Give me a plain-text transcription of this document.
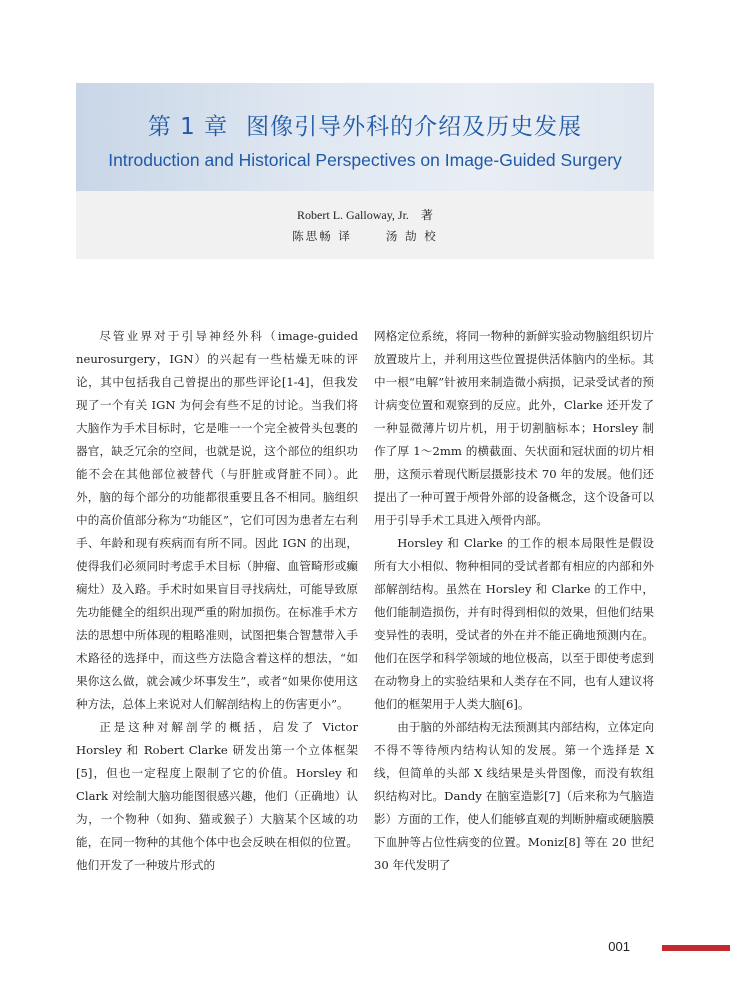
第 1 章 图像引导外科的介绍及历史发展
Introduction and Historical Perspectives on Image-Guided Surgery
Robert L. Galloway, Jr. 著
陈思畅 译	汤 劼 校

尽管业界对于引导神经外科（image-guided neurosurgery，IGN）的兴起有一些枯燥无味的评论，其中包括我自己曾提出的那些评论[1-4]，但我发现了一个有关 IGN 为何会有些不足的讨论。当我们将大脑作为手术目标时，它是唯一一个完全被骨头包裹的器官，缺乏冗余的空间，也就是说，这个部位的组织功能不会在其他部位被替代（与肝脏或肾脏不同）。此外，脑的每个部分的功能都很重要且各不相同。脑组织中的高价值部分称为“功能区”，它们可因为患者左右利手、年龄和现有疾病而有所不同。因此 IGN 的出现，使得我们必须同时考虑手术目标（肿瘤、血管畸形或癫痫灶）及入路。手术时如果盲目寻找病灶，可能导致原先功能健全的组织出现严重的附加损伤。在标准手术方法的思想中所体现的粗略准则，试图把集合智慧带入手术路径的选择中，而这些方法隐含着这样的想法，“如果你这么做，就会减少坏事发生”，或者“如果你使用这种方法，总体上来说对人们解剖结构上的伤害更小”。

正是这种对解剖学的概括，启发了 Victor Horsley 和 Robert Clarke 研发出第一个立体框架[5]，但也一定程度上限制了它的价值。Horsley 和 Clark 对绘制大脑功能图很感兴趣，他们（正确地）认为，一个物种（如狗、猫或猴子）大脑某个区域的功能，在同一物种的其他个体中也会反映在相似的位置。他们开发了一种玻片形式的

网格定位系统，将同一物种的新鲜实验动物脑组织切片放置玻片上，并利用这些位置提供活体脑内的坐标。其中一根“电解”针被用来制造微小病损，记录受试者的预计病变位置和观察到的反应。此外，Clarke 还开发了一种显微薄片切片机，用于切割脑标本；Horsley 制作了厚 1～2mm 的横截面、矢状面和冠状面的切片相册，这预示着现代断层摄影技术 70 年的发展。他们还提出了一种可置于颅骨外部的设备概念，这个设备可以用于引导手术工具进入颅骨内部。

Horsley 和 Clarke 的工作的根本局限性是假设所有大小相似、物种相同的受试者都有相应的内部和外部解剖结构。虽然在 Horsley 和 Clarke 的工作中，他们能制造损伤，并有时得到相似的效果，但他们结果变异性的表明，受试者的外在并不能正确地预测内在。他们在医学和科学领域的地位极高，以至于即使考虑到在动物身上的实验结果和人类存在不同，也有人建议将他们的框架用于人类大脑[6]。

由于脑的外部结构无法预测其内部结构，立体定向不得不等待颅内结构认知的发展。第一个选择是 X 线，但简单的头部 X 线结果是头骨图像，而没有软组织结构对比。Dandy 在脑室造影[7]（后来称为气脑造影）方面的工作，使人们能够直观的判断肿瘤或硬脑膜下血肿等占位性病变的位置。Moniz[8] 等在 20 世纪 30 年代发明了

001
